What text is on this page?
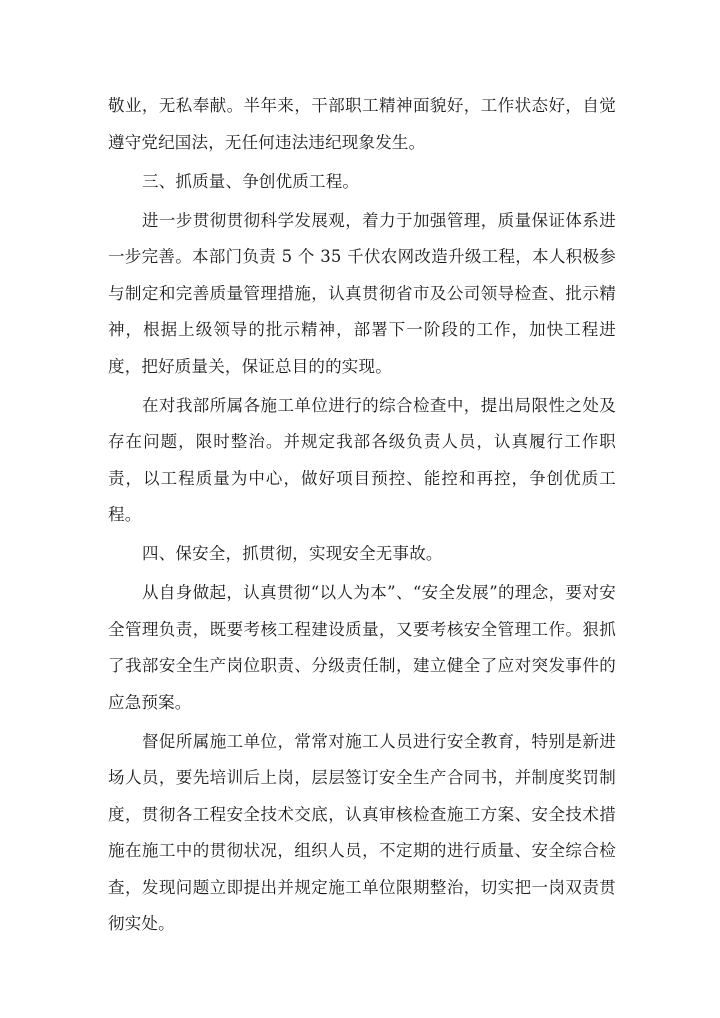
敬业，无私奉献。半年来，干部职工精神面貌好，工作状态好，自觉遵守党纪国法，无任何违法违纪现象发生。

三、抓质量、争创优质工程。

进一步贯彻贯彻科学发展观，着力于加强管理，质量保证体系进一步完善。本部门负责 5 个 35 千伏农网改造升级工程，本人积极参与制定和完善质量管理措施，认真贯彻省市及公司领导检查、批示精神，根据上级领导的批示精神，部署下一阶段的工作，加快工程进度，把好质量关，保证总目的的实现。

在对我部所属各施工单位进行的综合检查中，提出局限性之处及存在问题，限时整治。并规定我部各级负责人员，认真履行工作职责，以工程质量为中心，做好项目预控、能控和再控，争创优质工程。

四、保安全，抓贯彻，实现安全无事故。

从自身做起，认真贯彻“以人为本”、“安全发展”的理念，要对安全管理负责，既要考核工程建设质量，又要考核安全管理工作。狠抓了我部安全生产岗位职责、分级责任制，建立健全了应对突发事件的应急预案。

督促所属施工单位，常常对施工人员进行安全教育，特别是新进场人员，要先培训后上岗，层层签订安全生产合同书，并制度奖罚制度，贯彻各工程安全技术交底，认真审核检查施工方案、安全技术措施在施工中的贯彻状况，组织人员，不定期的进行质量、安全综合检查，发现问题立即提出并规定施工单位限期整治，切实把一岗双责贯彻实处。
